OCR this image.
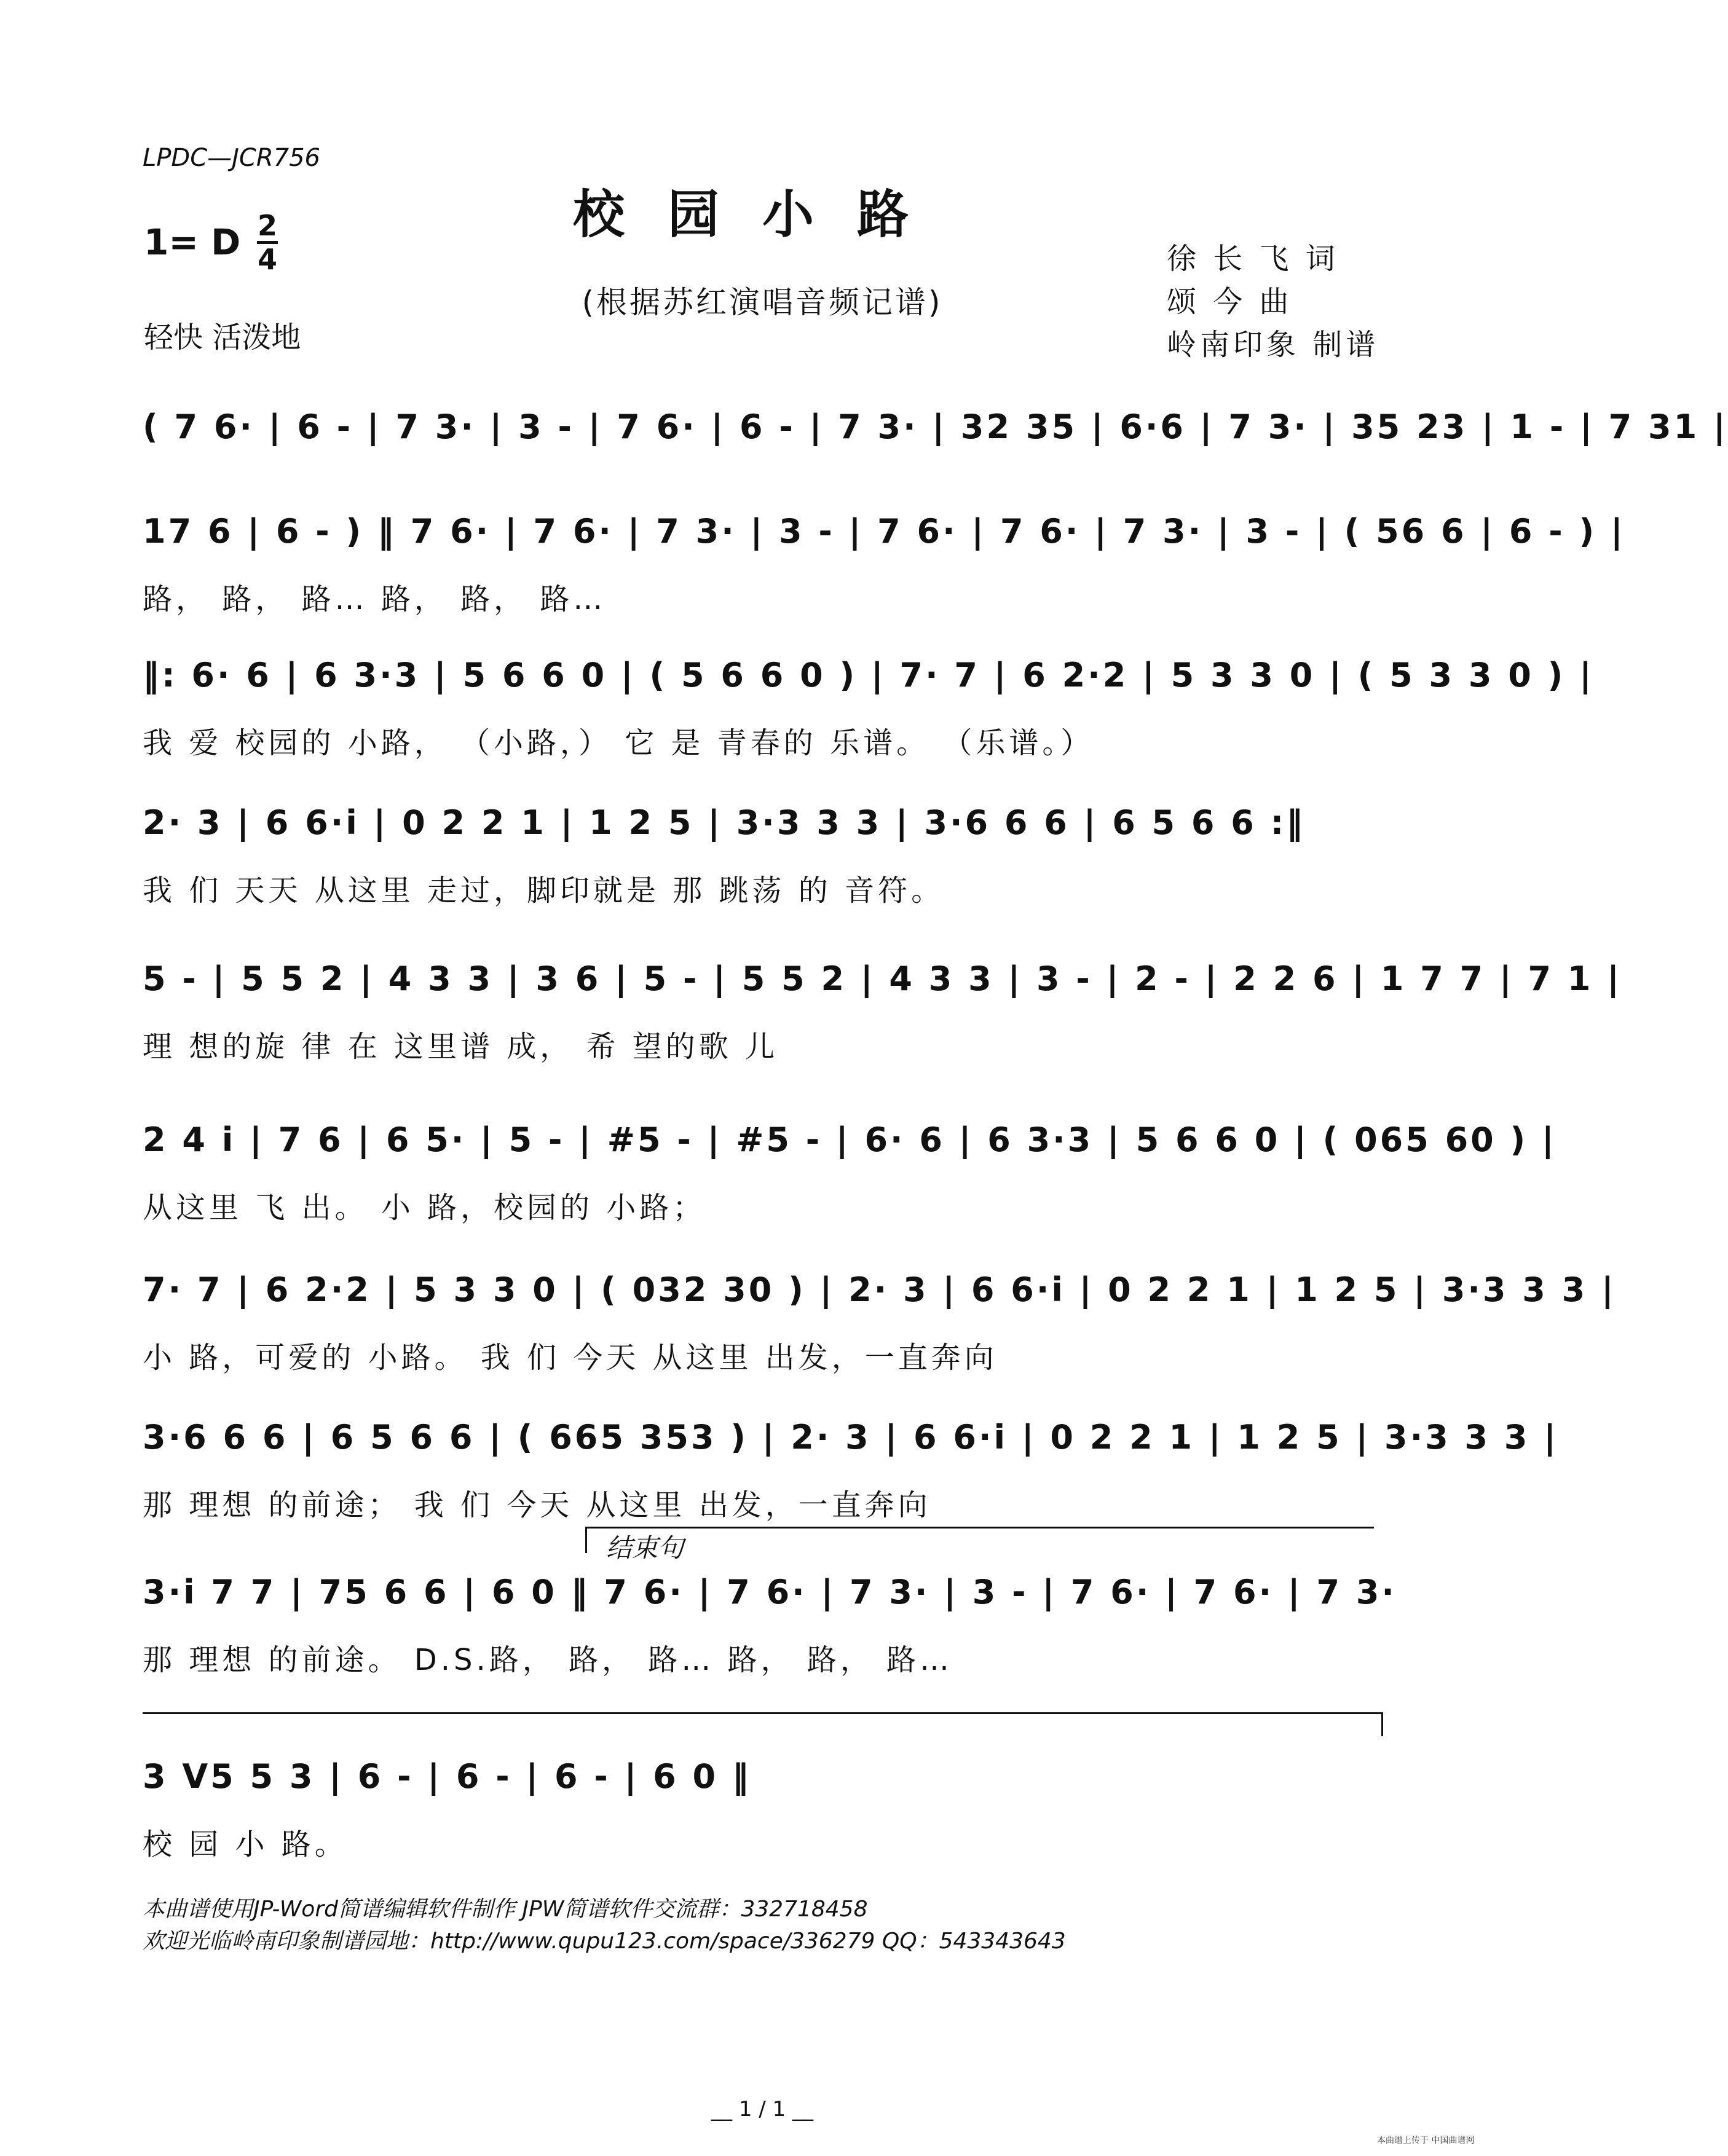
LPDC—JCR756
校园小路
1= D 2
4
(根据苏红演唱音频记谱)
轻快 活泼地
徐 长 飞 词
颂 今 曲
岭南印象 制谱
( 7 6· | 6 - | 7 3· | 3 - | 7 6· | 6 - | 7 3· | 32 35 | 6·6 | 7 3· | 35 23 | 1 - | 7 31 |
17 6 | 6 - ) ‖ 7 6· | 7 6· | 7 3· | 3 - | 7 6· | 7 6· | 7 3· | 3 - | ( 56 6 | 6 - ) |
路， 路， 路… 路， 路， 路…
‖: 6· 6 | 6 3·3 | 5 6 6 0 | ( 5 6 6 0 ) | 7· 7 | 6 2·2 | 5 3 3 0 | ( 5 3 3 0 ) |
我 爱 校园的 小路， （小路，） 它 是 青春的 乐谱。 （乐谱。）
2· 3 | 6 6·i | 0 2 2 1 | 1 2 5 | 3·3 3 3 | 3·6 6 6 | 6 5 6 6 :‖
我 们 天天 从这里 走过，脚印就是 那 跳荡 的 音符。
5 - | 5 5 2 | 4 3 3 | 3 6 | 5 - | 5 5 2 | 4 3 3 | 3 - | 2 - | 2 2 6 | 1 7 7 | 7 1 |
理 想的旋 律 在 这里谱 成， 希 望的歌 儿
2 4 i | 7 6 | 6 5· | 5 - | #5 - | #5 - | 6· 6 | 6 3·3 | 5 6 6 0 | ( 065 60 ) |
从这里 飞 出。 小 路，校园的 小路；
7· 7 | 6 2·2 | 5 3 3 0 | ( 032 30 ) | 2· 3 | 6 6·i | 0 2 2 1 | 1 2 5 | 3·3 3 3 |
小 路，可爱的 小路。 我 们 今天 从这里 出发，一直奔向
3·6 6 6 | 6 5 6 6 | ( 665 353 ) | 2· 3 | 6 6·i | 0 2 2 1 | 1 2 5 | 3·3 3 3 |
那 理想 的前途； 我 们 今天 从这里 出发，一直奔向
结束句
3·i 7 7 | 75 6 6 | 6 0 ‖ 7 6· | 7 6· | 7 3· | 3 - | 7 6· | 7 6· | 7 3·
那 理想 的前途。 D.S.路， 路， 路… 路， 路， 路…
3 V5 5 3 | 6 - | 6 - | 6 - | 6 0 ‖
校 园 小 路。
本曲谱使用JP-Word简谱编辑软件制作 JPW简谱软件交流群：332718458
欢迎光临岭南印象制谱园地：http://www.qupu123.com/space/336279 QQ：543343643
__ 1 / 1 __
本曲谱上传于 中国曲谱网
